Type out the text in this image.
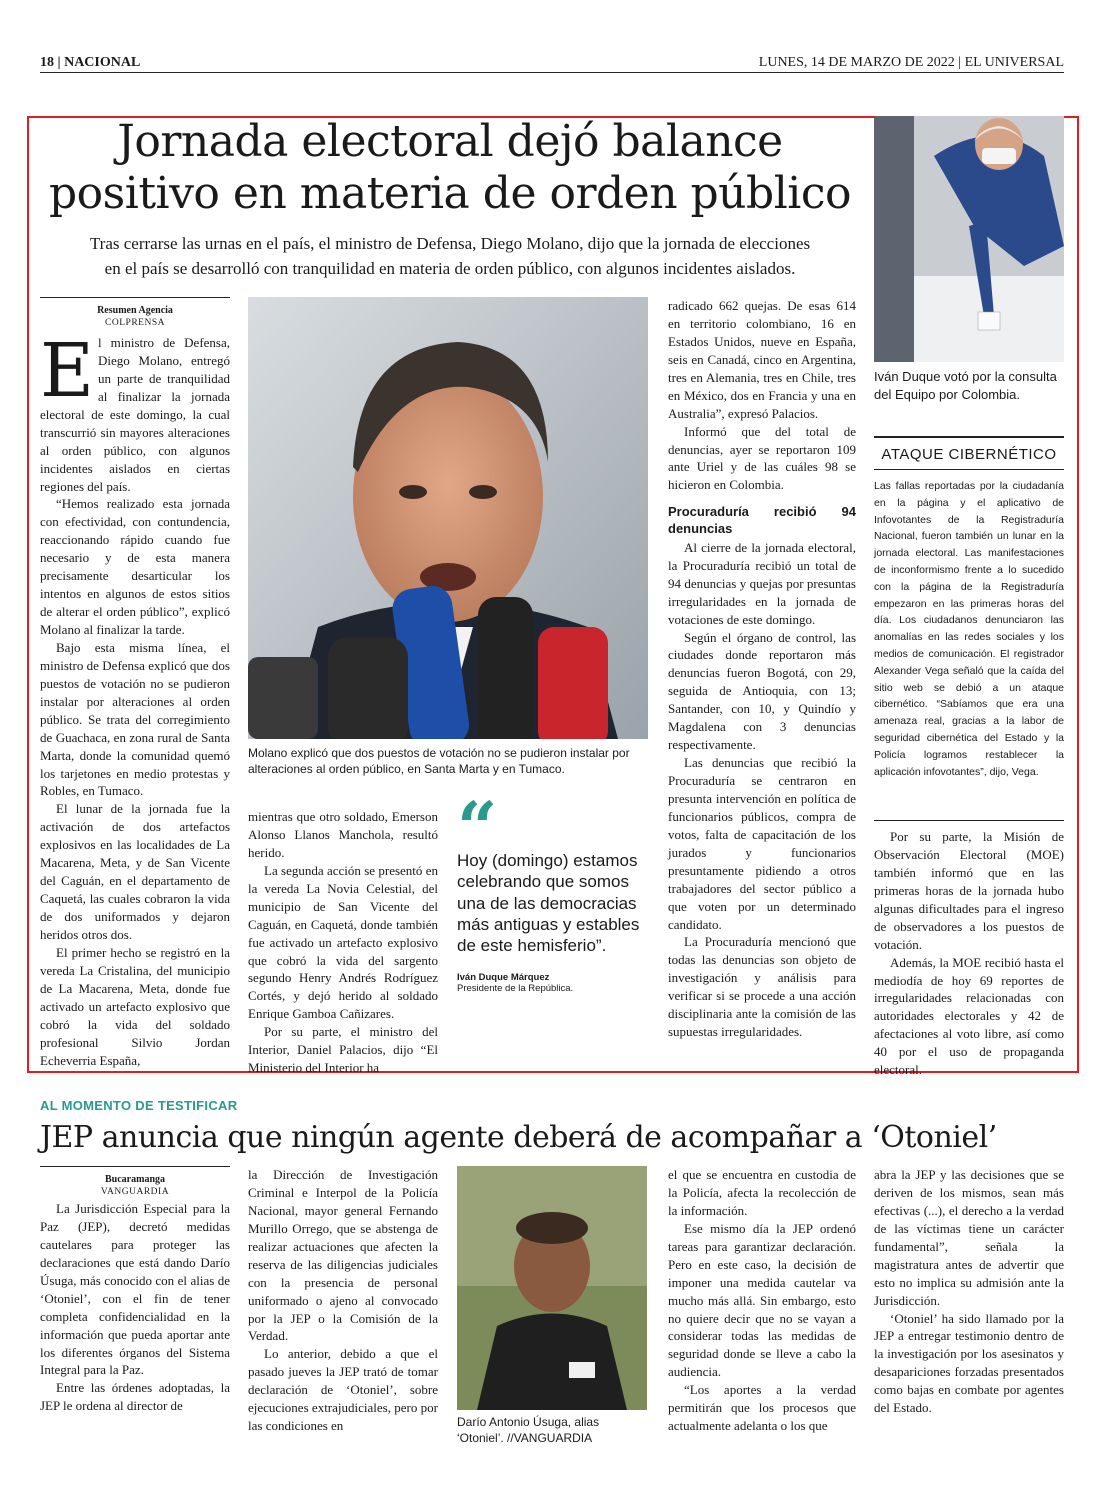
18 | NACIONAL	LUNES, 14 DE MARZO DE 2022 | EL UNIVERSAL
Jornada electoral dejó balance
positivo en materia de orden público
Tras cerrarse las urnas en el país, el ministro de Defensa, Diego Molano, dijo que la jornada de elecciones
en el país se desarrolló con tranquilidad en materia de orden público, con algunos incidentes aislados.
Resumen Agencia
COLPRENSA

El ministro de Defensa, Diego Molano, entregó un parte de tranquilidad al finalizar la jornada electoral de este domingo, la cual transcurrió sin mayores alteraciones al orden público, con algunos incidentes aislados en ciertas regiones del país.

“Hemos realizado esta jornada con efectividad, con contundencia, reaccionando rápido cuando fue necesario y de esta manera precisamente desarticular los intentos en algunos de estos sitios de alterar el orden público”, explicó Molano al finalizar la tarde.

Bajo esta misma línea, el ministro de Defensa explicó que dos puestos de votación no se pudieron instalar por alteraciones al orden público. Se trata del corregimiento de Guachaca, en zona rural de Santa Marta, donde la comunidad quemó los tarjetones en medio protestas y Robles, en Tumaco.

El lunar de la jornada fue la activación de dos artefactos explosivos en las localidades de La Macarena, Meta, y de San Vicente del Caguán, en el departamento de Caquetá, las cuales cobraron la vida de dos uniformados y dejaron heridos otros dos.

El primer hecho se registró en la vereda La Cristalina, del municipio de La Macarena, Meta, donde fue activado un artefacto explosivo que cobró la vida del soldado profesional Silvio Jordan Echeverria España,

Molano explicó que dos puestos de votación no se pudieron instalar por alteraciones al orden público, en Santa Marta y en Tumaco.

mientras que otro soldado, Emerson Alonso Llanos Manchola, resultó herido.

La segunda acción se presentó en la vereda La Novia Celestial, del municipio de San Vicente del Caguán, en Caquetá, donde también fue activado un artefacto explosivo que cobró la vida del sargento segundo Henry Andrés Rodríguez Cortés, y dejó herido al soldado Enrique Gamboa Cañizares.

Por su parte, el ministro del Interior, Daniel Palacios, dijo “El Ministerio del Interior ha

“
Hoy (domingo) estamos celebrando que somos una de las democracias más antiguas y estables de este hemisferio”.
Iván Duque Márquez
Presidente de la República.

radicado 662 quejas. De esas 614 en territorio colombiano, 16 en Estados Unidos, nueve en España, seis en Canadá, cinco en Argentina, tres en Alemania, tres en Chile, tres en México, dos en Francia y una en Australia”, expresó Palacios.

Informó que del total de denuncias, ayer se reportaron 109 ante Uriel y de las cuáles 98 se hicieron en Colombia.

Procuraduría recibió 94 denuncias

Al cierre de la jornada electoral, la Procuraduría recibió un total de 94 denuncias y quejas por presuntas irregularidades en la jornada de votaciones de este domingo.

Según el órgano de control, las ciudades donde reportaron más denuncias fueron Bogotá, con 29, seguida de Antioquia, con 13; Santander, con 10, y Quindío y Magdalena con 3 denuncias respectivamente.

Las denuncias que recibió la Procuraduría se centraron en presunta intervención en política de funcionarios públicos, compra de votos, falta de capacitación de los jurados y funcionarios presuntamente pidiendo a otros trabajadores del sector público a que voten por un determinado candidato.

La Procuraduría mencionó que todas las denuncias son objeto de investigación y análisis para verificar si se procede a una acción disciplinaria ante la comisión de las supuestas irregularidades.

Iván Duque votó por la consulta del Equipo por Colombia.
ATAQUE CIBERNÉTICO
Las fallas reportadas por la ciudadanía en la página y el aplicativo de Infovotantes de la Registraduría Nacional, fueron también un lunar en la jornada electoral. Las manifestaciones de inconformismo frente a lo sucedido con la página de la Registraduría empezaron en las primeras horas del día. Los ciudadanos denunciaron las anomalías en las redes sociales y los medios de comunicación. El registrador Alexander Vega señaló que la caída del sitio web se debió a un ataque cibernético. “Sabíamos que era una amenaza real, gracias a la labor de seguridad cibernética del Estado y la Policía logramos restablecer la aplicación infovotantes”, dijo, Vega.

Por su parte, la Misión de Observación Electoral (MOE) también informó que en las primeras horas de la jornada hubo algunas dificultades para el ingreso de observadores a los puestos de votación.

Además, la MOE recibió hasta el mediodía de hoy 69 reportes de irregularidades relacionadas con autoridades electorales y 42 de afectaciones al voto libre, así como 40 por el uso de propaganda electoral.

AL MOMENTO DE TESTIFICAR
JEP anuncia que ningún agente deberá de acompañar a ‘Otoniel’
Bucaramanga
VANGUARDIA

La Jurisdicción Especial para la Paz (JEP), decretó medidas cautelares para proteger las declaraciones que está dando Darío Úsuga, más conocido con el alias de ‘Otoniel’, con el fin de tener completa confidencialidad en la información que pueda aportar ante los diferentes órganos del Sistema Integral para la Paz.

Entre las órdenes adoptadas, la JEP le ordena al director de

la Dirección de Investigación Criminal e Interpol de la Policía Nacional, mayor general Fernando Murillo Orrego, que se abstenga de realizar actuaciones que afecten la reserva de las diligencias judiciales con la presencia de personal uniformado o ajeno al convocado por la JEP o la Comisión de la Verdad.

Lo anterior, debido a que el pasado jueves la JEP trató de tomar declaración de ‘Otoniel’, sobre ejecuciones extrajudiciales, pero por las condiciones en	Darío Antonio Úsuga, alias ‘Otoniel’. //VANGUARDIA

el que se encuentra en custodia de la Policía, afecta la recolección de la información.

Ese mismo día la JEP ordenó tareas para garantizar declaración. Pero en este caso, la decisión de imponer una medida cautelar va mucho más allá. Sin embargo, esto no quiere decir que no se vayan a considerar todas las medidas de seguridad donde se lleve a cabo la audiencia.

“Los aportes a la verdad permitirán que los procesos que actualmente adelanta o los que

abra la JEP y las decisiones que se deriven de los mismos, sean más efectivas (...), el derecho a la verdad de las víctimas tiene un carácter fundamental”, señala la magistratura antes de advertir que esto no implica su admisión ante la Jurisdicción.

‘Otoniel’ ha sido llamado por la JEP a entregar testimonio dentro de la investigación por los asesinatos y desapariciones forzadas presentados como bajas en combate por agentes del Estado.
